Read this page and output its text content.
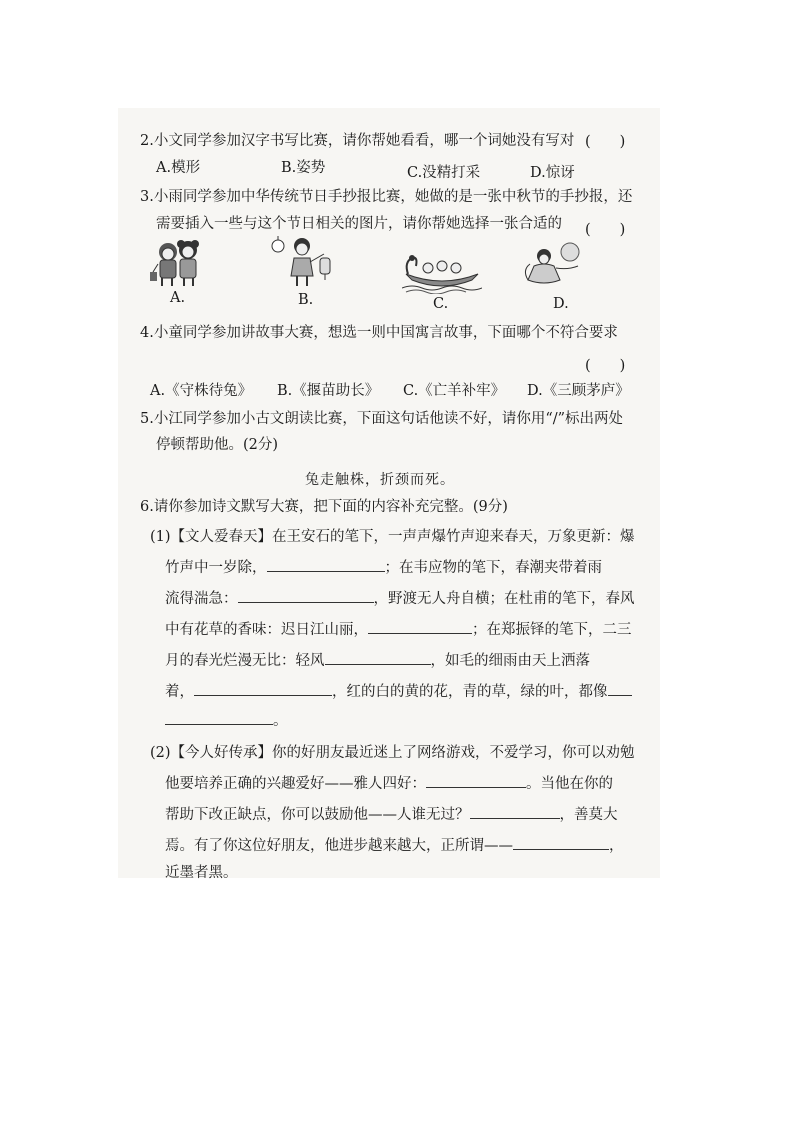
2.小文同学参加汉字书写比赛，请你帮她看看，哪一个词她没有写对 (　　)
A.模形	B.姿势	C.没精打采	D.惊讶
3.小雨同学参加中华传统节日手抄报比赛，她做的是一张中秋节的手抄报，还
需要插入一些与这个节日相关的图片，请你帮她选择一张合适的 (　　)
A.	B.	C.	D.
4.小童同学参加讲故事大赛，想选一则中国寓言故事，下面哪个不符合要求
(　　)
A.《守株待兔》 B.《揠苗助长》 C.《亡羊补牢》 D.《三顾茅庐》
5.小江同学参加小古文朗读比赛，下面这句话他读不好，请你用“/”标出两处
停顿帮助他。(2分)
兔走触株，折颈而死。
6.请你参加诗文默写大赛，把下面的内容补充完整。(9分)
(1)【文人爱春天】在王安石的笔下，一声声爆竹声迎来春天，万象更新：爆
竹声中一岁除，	；在韦应物的笔下，春潮夹带着雨
流得湍急：	，野渡无人舟自横；在杜甫的笔下，春风
中有花草的香味：迟日江山丽，	；在郑振铎的笔下，二三
月的春光烂漫无比：轻风	，如毛的细雨由天上洒落
着，	，红的白的黄的花，青的草，绿的叶，都像
。
(2)【今人好传承】你的好朋友最近迷上了网络游戏，不爱学习，你可以劝勉
他要培养正确的兴趣爱好——雅人四好：	。当他在你的
帮助下改正缺点，你可以鼓励他——人谁无过？	，善莫大
焉。有了你这位好朋友，他进步越来越大，正所谓——	，
近墨者黑。
